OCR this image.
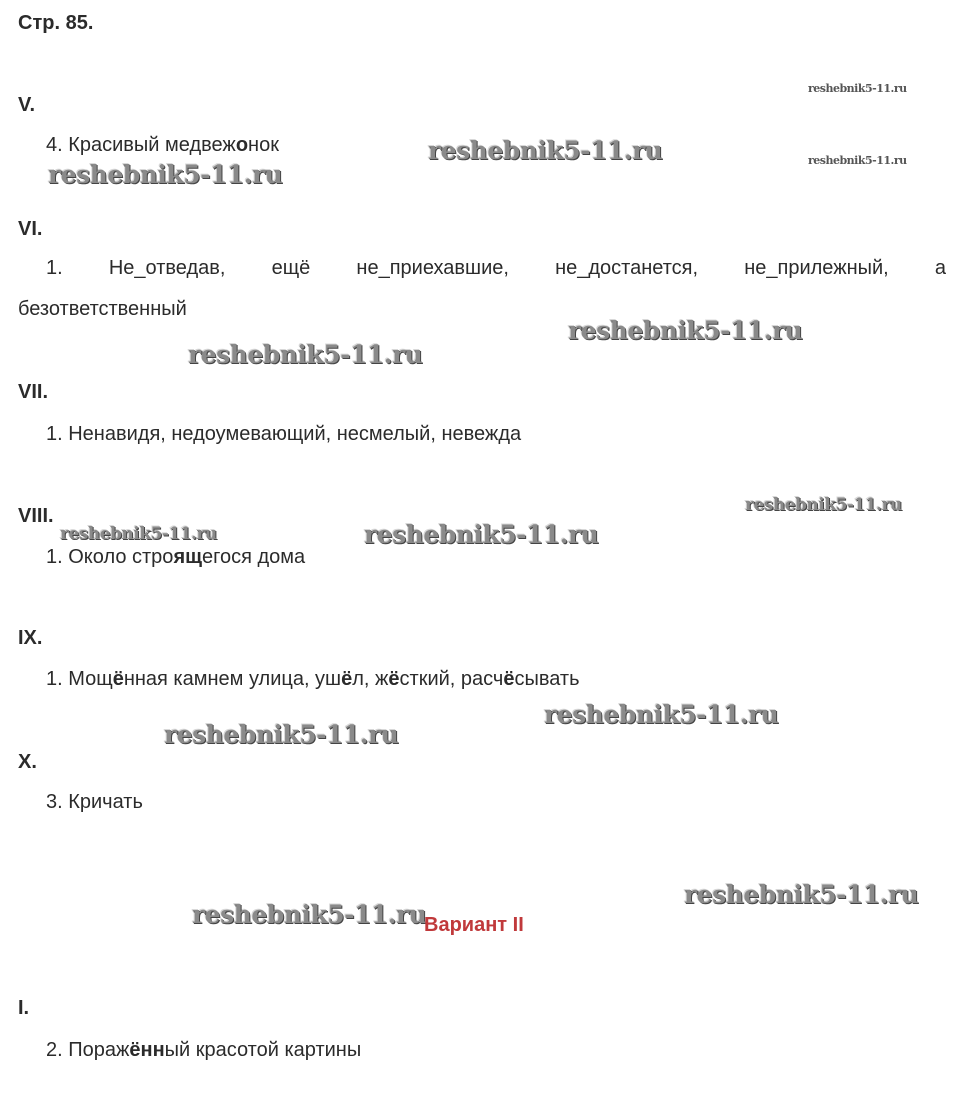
Стр. 85.
reshebnik5-11.ru
reshebnik5-11.ru
reshebnik5-11.ru
reshebnik5-11.ru
reshebnik5-11.ru
reshebnik5-11.ru
reshebnik5-11.ru
reshebnik5-11.ru	reshebnik5-11.ru
reshebnik5-11.ru
reshebnik5-11.ru
reshebnik5-11.ru
reshebnik5-11.ru
V.
4. Красивый медвежонок
VI.
1. Не_отведав, ещё не_приехавшие, не_достанется, не_прилежный, а
безответственный
VII.
1. Ненавидя, недоумевающий, несмелый, невежда
VIII.
1. Около строящегося дома
IX.
1. Мощённая камнем улица, ушёл, жёсткий, расчёсывать
X.
3. Кричать
Вариант II
I.
2. Поражённый красотой картины
